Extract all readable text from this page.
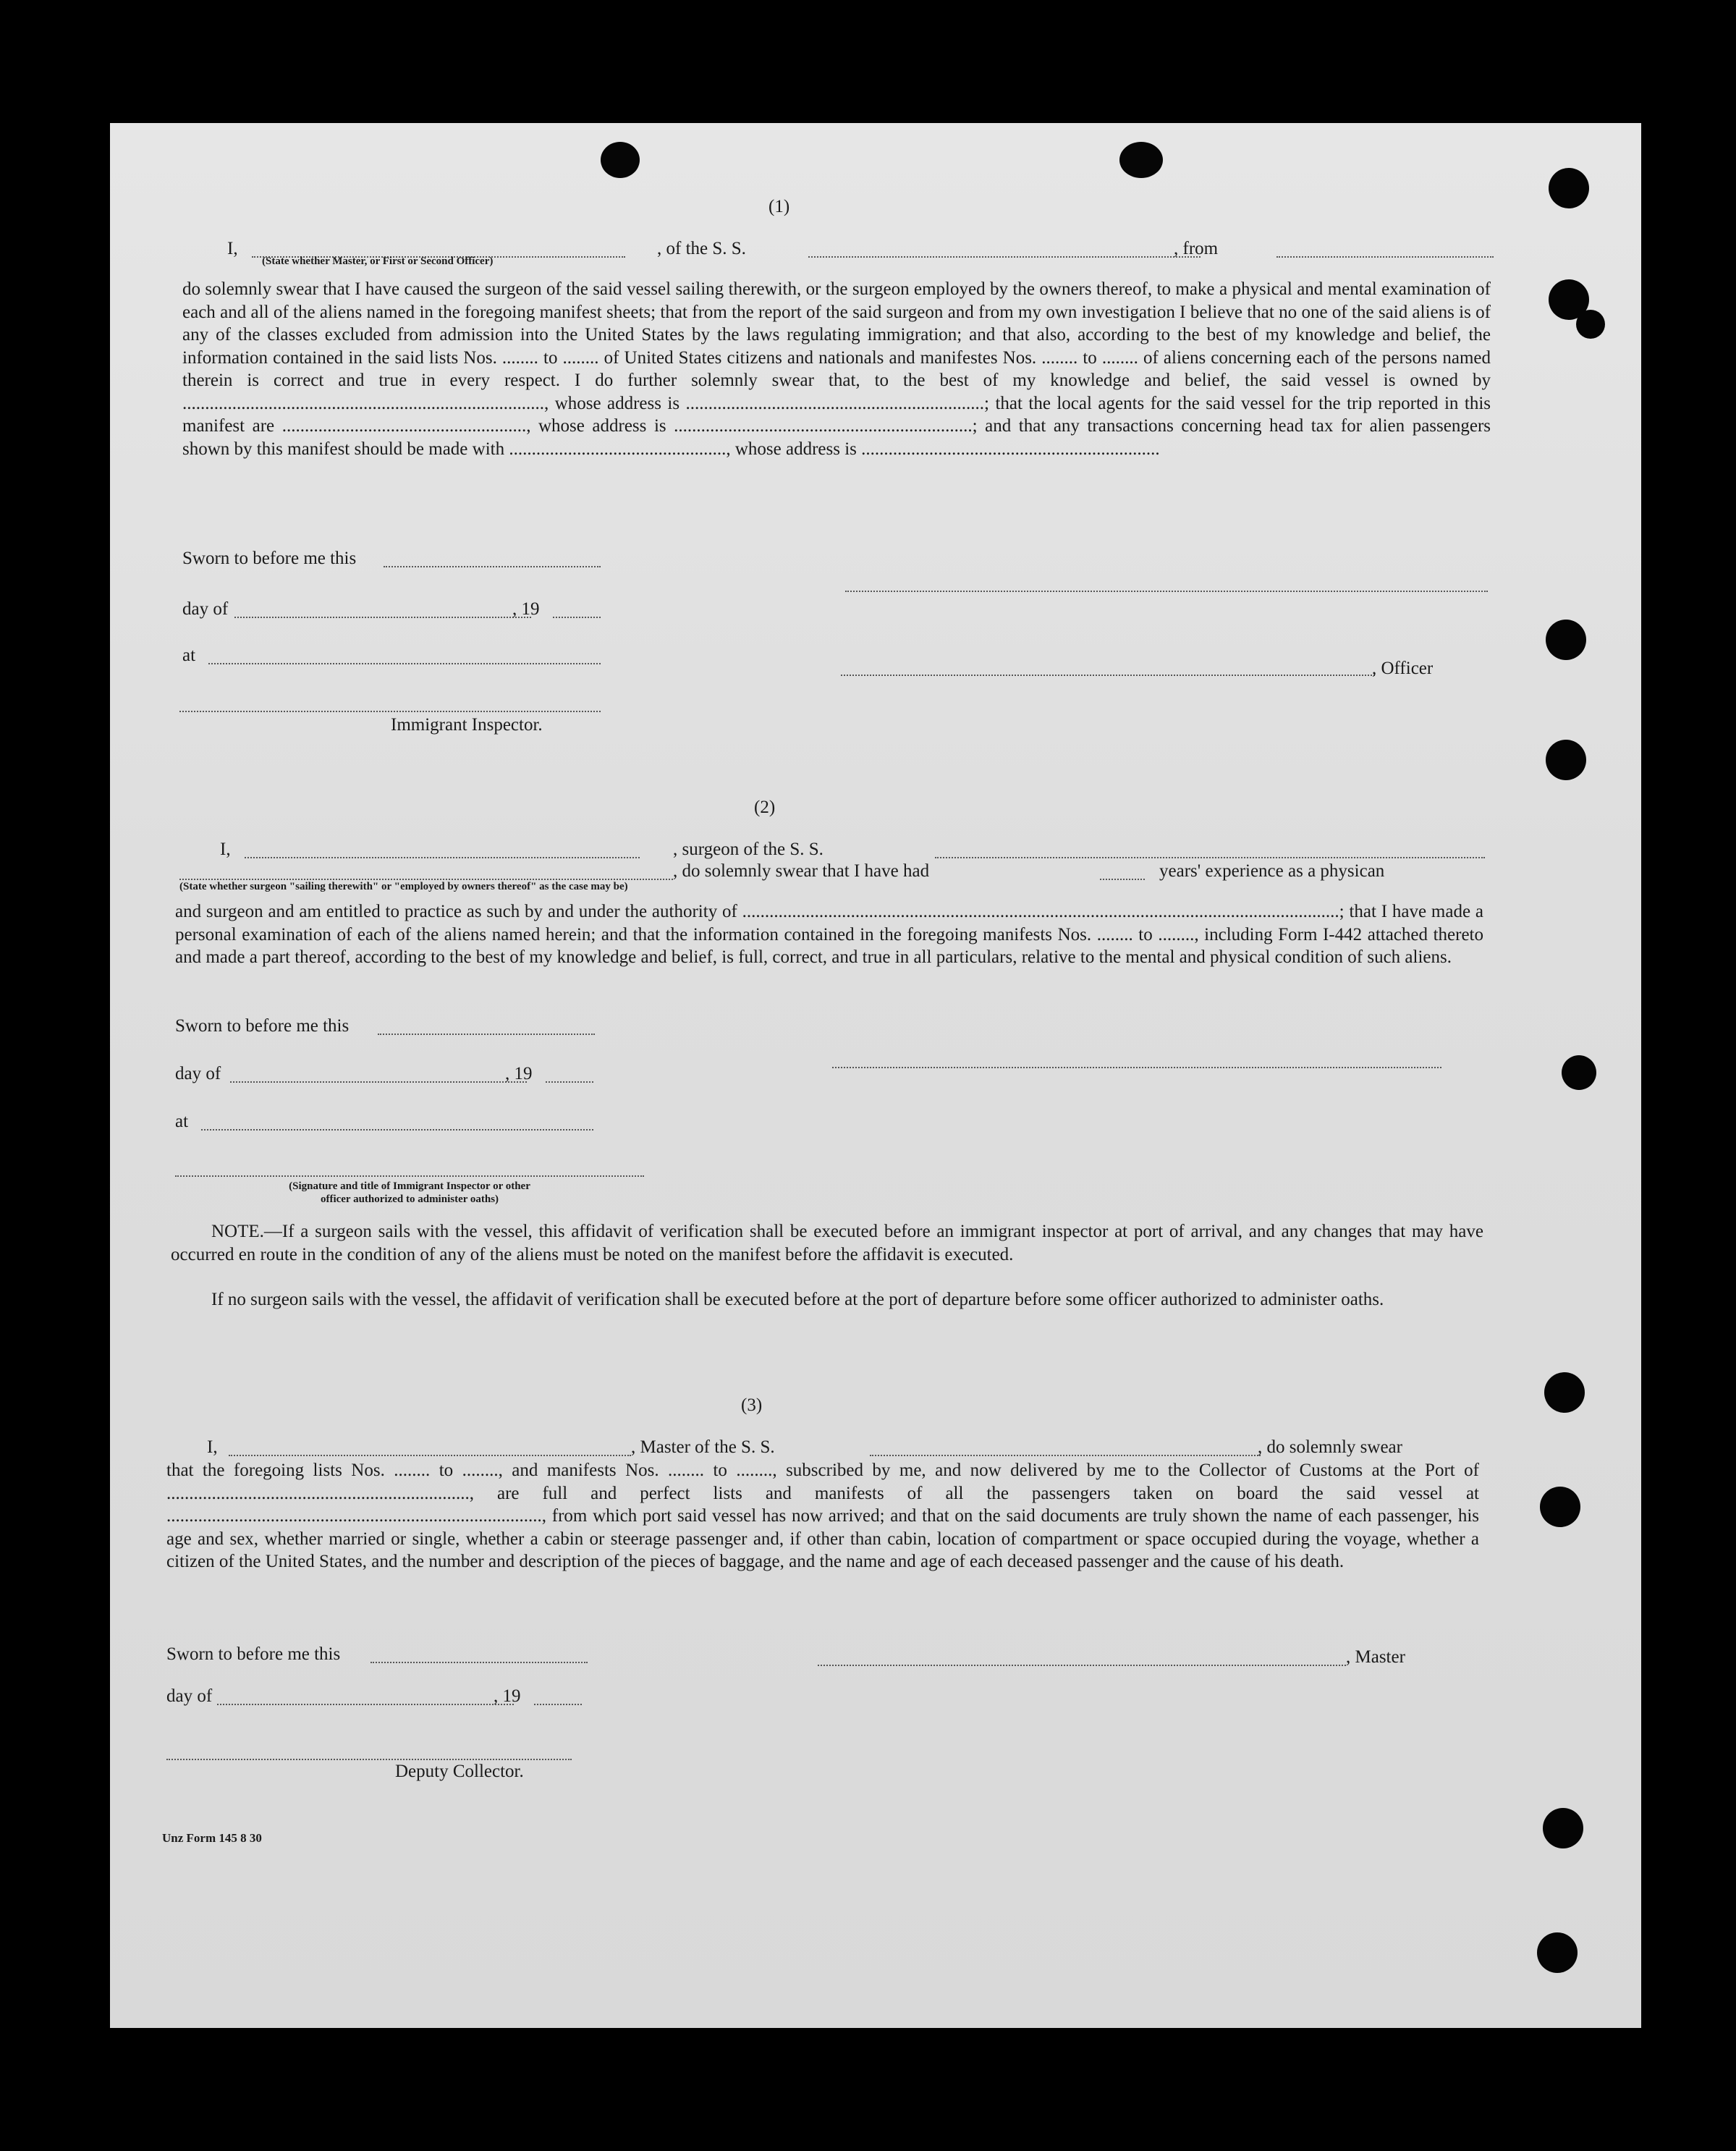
(1)
I,
(State whether Master, or First or Second Officer)
, of the S. S.	, from

do solemnly swear that I have caused the surgeon of the said vessel sailing therewith, or the surgeon employed by the owners thereof, to make a physical and mental examination of each and all of the aliens named in the foregoing manifest sheets; that from the report of the said surgeon and from my own investigation I believe that no one of the said aliens is of any of the classes excluded from admission into the United States by the laws regulating immigration; and that also, according to the best of my knowledge and belief, the information contained in the said lists Nos. ........ to ........ of United States citizens and nationals and manifestes Nos. ........ to ........ of aliens concerning each of the persons named therein is correct and true in every respect. I do further solemnly swear that, to the best of my knowledge and belief, the said vessel is owned by ................................................................................, whose address is ..................................................................; that the local agents for the said vessel for the trip reported in this manifest are ......................................................, whose address is ..................................................................; and that any transactions concerning head tax for alien passengers shown by this manifest should be made with ................................................, whose address is ..................................................................

Sworn to before me this
day of	, 19
at
, Officer
Immigrant Inspector.
(2)
I,	, surgeon of the S. S.
, do solemnly swear that I have had	years' experience as a physican
(State whether surgeon "sailing therewith" or "employed by owners thereof" as the case may be)

and surgeon and am entitled to practice as such by and under the authority of ....................................................................................................................................; that I have made a personal examination of each of the aliens named herein; and that the information contained in the foregoing manifests Nos. ........ to ........, including Form I-442 attached thereto and made a part thereof, according to the best of my knowledge and belief, is full, correct, and true in all particulars, relative to the mental and physical condition of such aliens.

Sworn to before me this
day of	, 19
at
(Signature and title of Immigrant Inspector or other
officer authorized to administer oaths)

NOTE.—If a surgeon sails with the vessel, this affidavit of verification shall be executed before an immigrant inspector at port of arrival, and any changes that may have occurred en route in the condition of any of the aliens must be noted on the manifest before the affidavit is executed.

If no surgeon sails with the vessel, the affidavit of verification shall be executed before at the port of departure before some officer authorized to administer oaths.

(3)
I,	, Master of the S. S.	, do solemnly swear

that the foregoing lists Nos. ........ to ........, and manifests Nos. ........ to ........, subscribed by me, and now delivered by me to the Collector of Customs at the Port of ..................................................................., are full and perfect lists and manifests of all the passengers taken on board the said vessel at ..................................................................................., from which port said vessel has now arrived; and that on the said documents are truly shown the name of each passenger, his age and sex, whether married or single, whether a cabin or steerage passenger and, if other than cabin, location of compartment or space occupied during the voyage, whether a citizen of the United States, and the number and description of the pieces of baggage, and the name and age of each deceased passenger and the cause of his death.

Sworn to before me this	, Master
day of	, 19
Deputy Collector.
Unz Form 145 8 30
